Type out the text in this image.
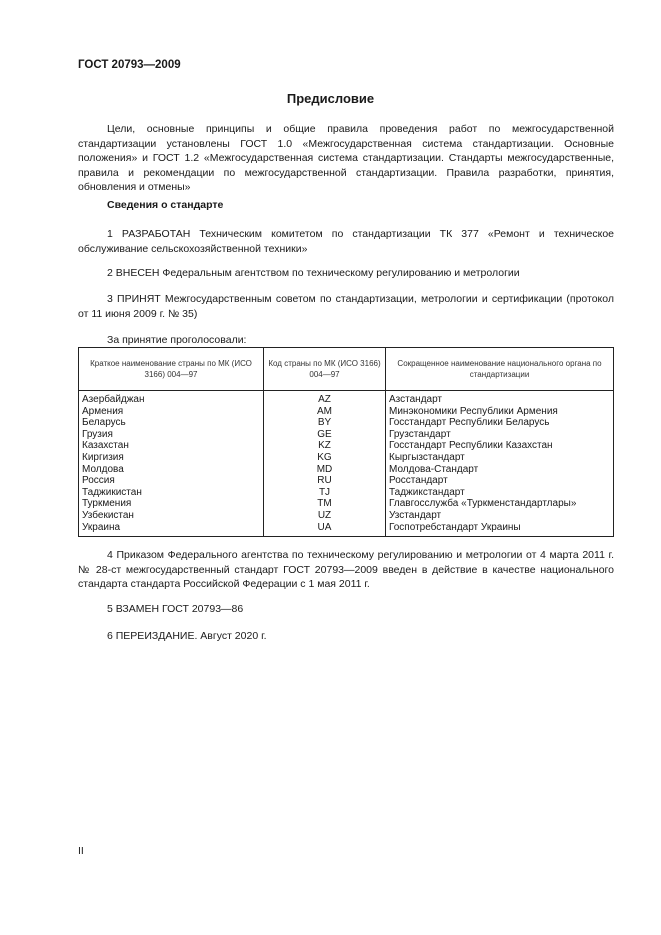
ГОСТ 20793—2009

Предисловие

Цели, основные принципы и общие правила проведения работ по межгосударственной стандартизации установлены ГОСТ 1.0 «Межгосударственная система стандартизации. Основные положения» и ГОСТ 1.2 «Межгосударственная система стандартизации. Стандарты межгосударственные, правила и рекомендации по межгосударственной стандартизации. Правила разработки, принятия, обновления и отмены»

Сведения о стандарте

1 РАЗРАБОТАН Техническим комитетом по стандартизации ТК 377 «Ремонт и техническое обслуживание сельскохозяйственной техники»

2 ВНЕСЕН Федеральным агентством по техническому регулированию и метрологии

3 ПРИНЯТ Межгосударственным советом по стандартизации, метрологии и сертификации (протокол от 11 июня 2009 г. № 35)

За принятие проголосовали:

Краткое наименование страны по МК (ИСО 3166) 004—97	Код страны по МК (ИСО 3166) 004—97	Сокращенное наименование национального органа по стандартизации
Азербайджан	AZ	Азстандарт
Армения	AM	Минэкономики Республики Армения
Беларусь	BY	Госстандарт Республики Беларусь
Грузия	GE	Грузстандарт
Казахстан	KZ	Госстандарт Республики Казахстан
Киргизия	KG	Кыргызстандарт
Молдова	MD	Молдова-Стандарт
Россия	RU	Росстандарт
Таджикистан	TJ	Таджикстандарт
Туркмения	TM	Главгосслужба «Туркменстандартлары»
Узбекистан	UZ	Узстандарт
Украина	UA	Госпотребстандарт Украины

4 Приказом Федерального агентства по техническому регулированию и метрологии от 4 марта 2011 г. № 28-ст межгосударственный стандарт ГОСТ 20793—2009 введен в действие в качестве национального стандарта стандарта Российской Федерации с 1 мая 2011 г.

5 ВЗАМЕН ГОСТ 20793—86

6 ПЕРЕИЗДАНИЕ. Август 2020 г.

II
